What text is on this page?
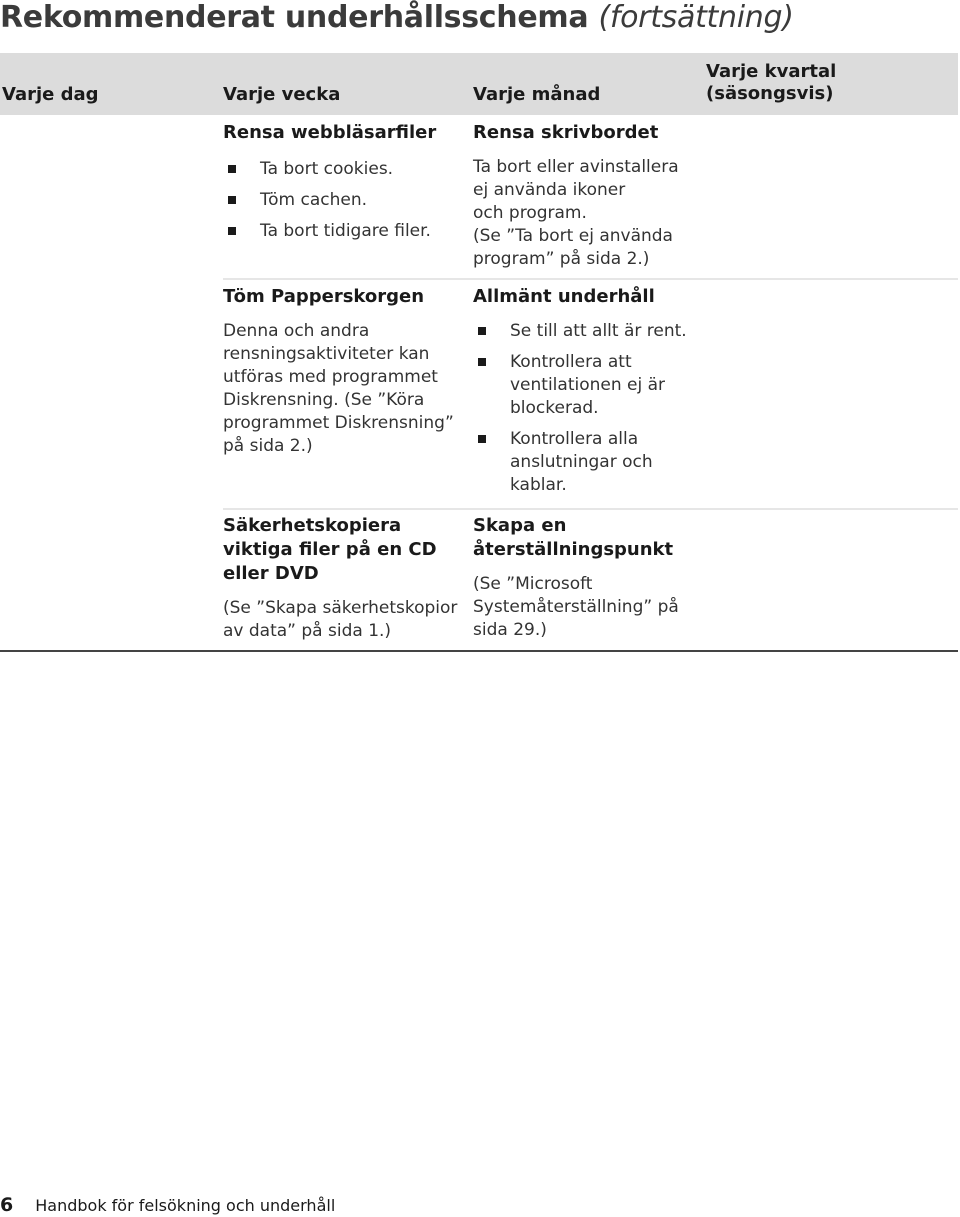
Rekommenderat underhållsschema (fortsättning)
Varje dag	Varje vecka	Varje månad
Varje kvartal
(säsongsvis)
Rensa webbläsarfiler
Ta bort cookies.
Töm cachen.
Ta bort tidigare filer.
Töm Papperskorgen

Denna och andra
rensningsaktiviteter kan
utföras med programmet
Diskrensning. (Se ”Köra
programmet Diskrensning”
på sida 2.)

Säkerhetskopiera
viktiga filer på en CD
eller DVD

(Se ”Skapa säkerhetskopior
av data” på sida 1.)

Rensa skrivbordet

Ta bort eller avinstallera
ej använda ikoner
och program.
(Se ”Ta bort ej använda
program” på sida 2.)

Allmänt underhåll
Se till att allt är rent.
Kontrollera att
ventilationen ej är
blockerad.
Kontrollera alla
anslutningar och
kablar.
Skapa en
återställningspunkt

(Se ”Microsoft
Systemåterställning” på
sida 29.)

6 Handbok för felsökning och underhåll
